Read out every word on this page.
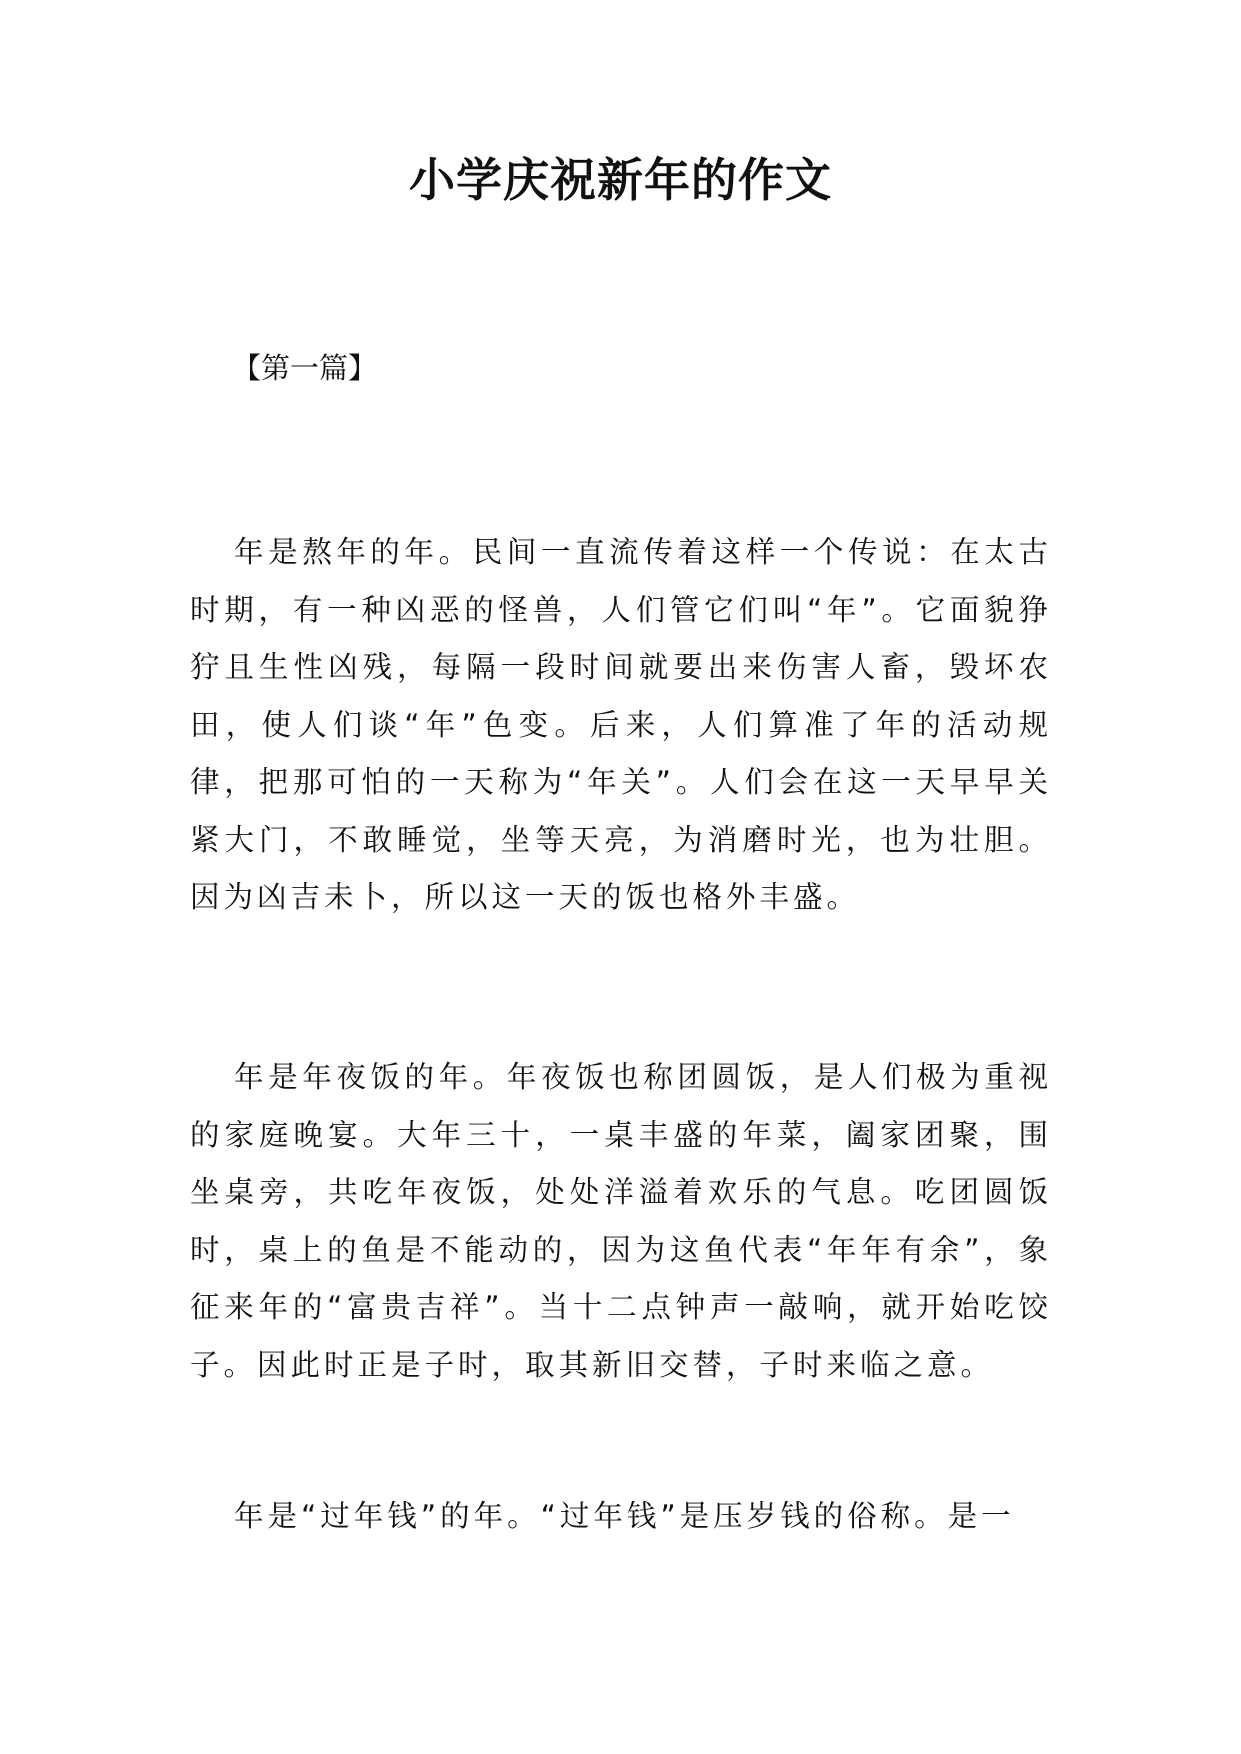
小学庆祝新年的作文
【第一篇】

年是熬年的年。民间一直流传着这样一个传说：在太古时期，有一种凶恶的怪兽，人们管它们叫“年”。它面貌狰狞且生性凶残，每隔一段时间就要出来伤害人畜，毁坏农田，使人们谈“年”色变。后来，人们算准了年的活动规律，把那可怕的一天称为“年关”。人们会在这一天早早关紧大门，不敢睡觉，坐等天亮，为消磨时光，也为壮胆。因为凶吉未卜，所以这一天的饭也格外丰盛。

年是年夜饭的年。年夜饭也称团圆饭，是人们极为重视的家庭晚宴。大年三十，一桌丰盛的年菜，阖家团聚，围坐桌旁，共吃年夜饭，处处洋溢着欢乐的气息。吃团圆饭时，桌上的鱼是不能动的，因为这鱼代表“年年有余”，象征来年的“富贵吉祥”。当十二点钟声一敲响，就开始吃饺子。因此时正是子时，取其新旧交替，子时来临之意。

年是“过年钱”的年。“过年钱”是压岁钱的俗称。是一
